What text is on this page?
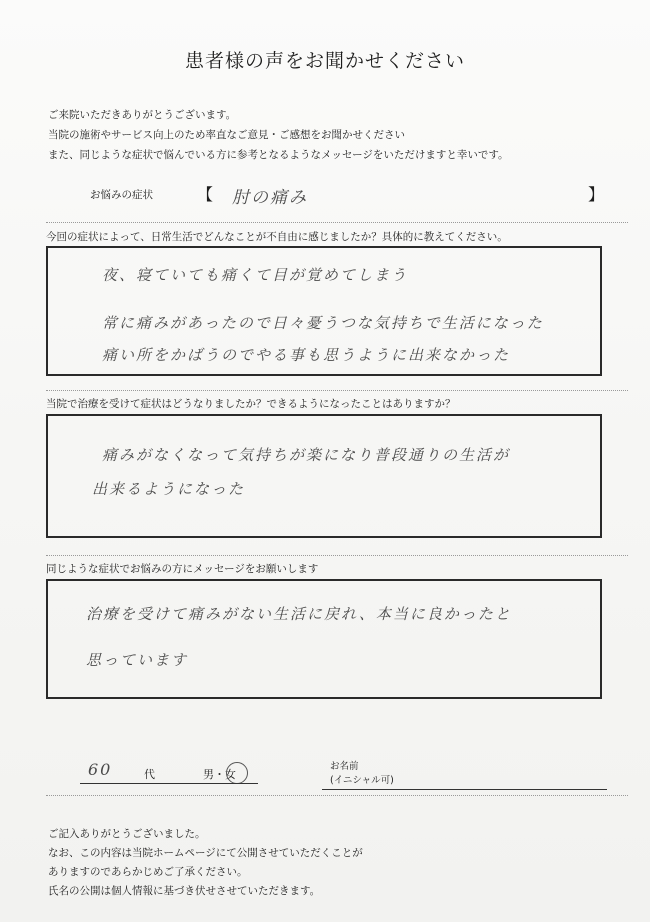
患者様の声をお聞かせください
ご来院いただきありがとうございます。
当院の施術やサービス向上のため率直なご意見・ご感想をお聞かせください
また、同じような症状で悩んでいる方に参考となるようなメッセージをいただけますと幸いです。
お悩みの症状	【 肘の痛み	】
今回の症状によって、日常生活でどんなことが不自由に感じましたか？具体的に教えてください。
夜、寝ていても痛くて目が覚めてしまう
常に痛みがあったので日々憂うつな気持ちで生活になった
痛い所をかばうのでやる事も思うように出来なかった
当院で治療を受けて症状はどうなりましたか？できるようになったことはありますか？
痛みがなくなって気持ちが楽になり普段通りの生活が
出来るようになった
同じような症状でお悩みの方にメッセージをお願いします
治療を受けて痛みがない生活に戻れ、本当に良かったと
思っています
60	代	男・女
お名前
(イニシャル可)
ご記入ありがとうございました。
なお、この内容は当院ホームページにて公開させていただくことが
ありますのであらかじめご了承ください。
氏名の公開は個人情報に基づき伏せさせていただきます。
